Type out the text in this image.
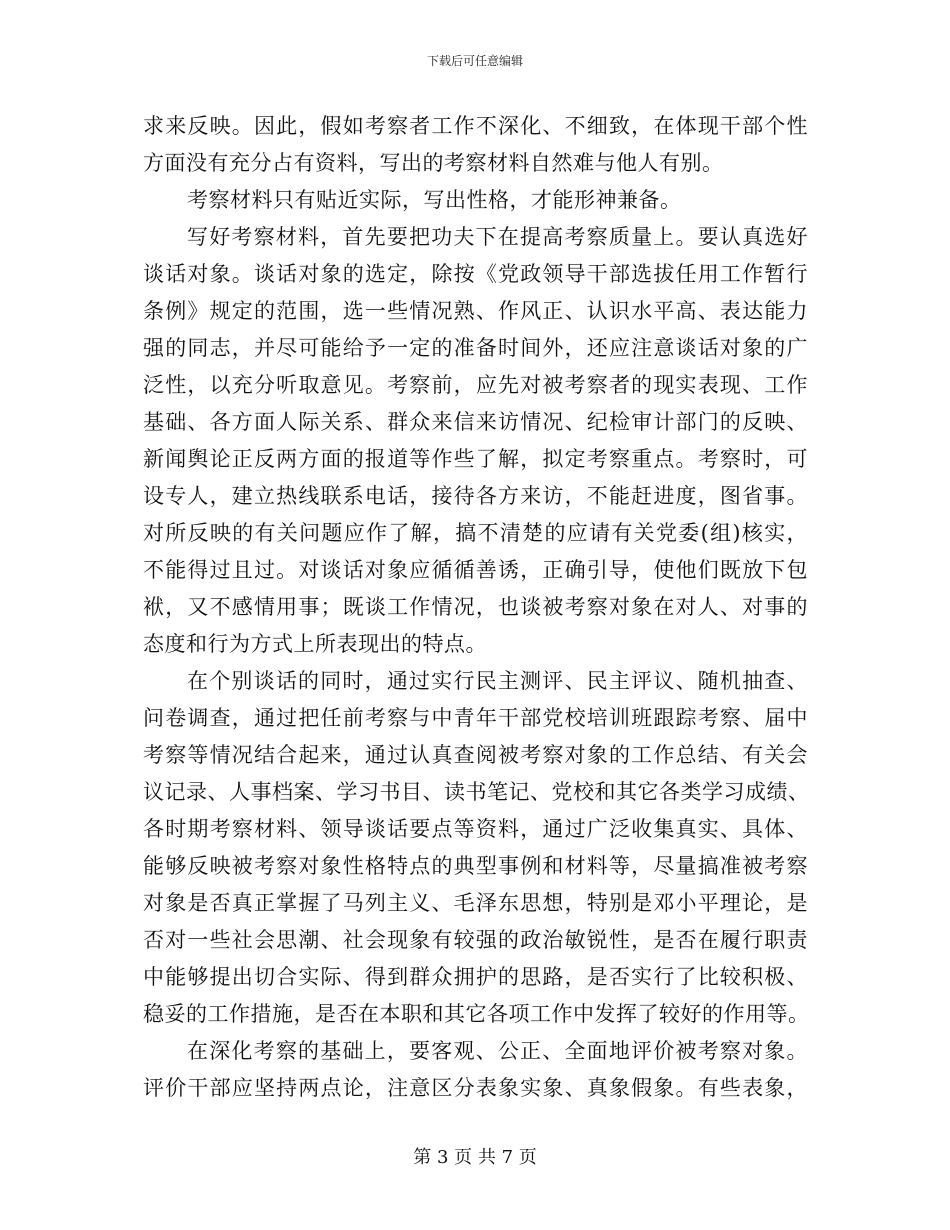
下载后可任意编辑
求来反映。因此，假如考察者工作不深化、不细致，在体现干部个性
方面没有充分占有资料，写出的考察材料自然难与他人有别。
考察材料只有贴近实际，写出性格，才能形神兼备。
写好考察材料，首先要把功夫下在提高考察质量上。要认真选好
谈话对象。谈话对象的选定，除按《党政领导干部选拔任用工作暂行
条例》规定的范围，选一些情况熟、作风正、认识水平高、表达能力
强的同志，并尽可能给予一定的准备时间外，还应注意谈话对象的广
泛性，以充分听取意见。考察前，应先对被考察者的现实表现、工作
基础、各方面人际关系、群众来信来访情况、纪检审计部门的反映、
新闻舆论正反两方面的报道等作些了解，拟定考察重点。考察时，可
设专人，建立热线联系电话，接待各方来访，不能赶进度，图省事。
对所反映的有关问题应作了解，搞不清楚的应请有关党委(组)核实，
不能得过且过。对谈话对象应循循善诱，正确引导，使他们既放下包
袱，又不感情用事；既谈工作情况，也谈被考察对象在对人、对事的
态度和行为方式上所表现出的特点。
在个别谈话的同时，通过实行民主测评、民主评议、随机抽查、
问卷调查，通过把任前考察与中青年干部党校培训班跟踪考察、届中
考察等情况结合起来，通过认真查阅被考察对象的工作总结、有关会
议记录、人事档案、学习书目、读书笔记、党校和其它各类学习成绩、
各时期考察材料、领导谈话要点等资料，通过广泛收集真实、具体、
能够反映被考察对象性格特点的典型事例和材料等，尽量搞准被考察
对象是否真正掌握了马列主义、毛泽东思想，特别是邓小平理论，是
否对一些社会思潮、社会现象有较强的政治敏锐性，是否在履行职责
中能够提出切合实际、得到群众拥护的思路，是否实行了比较积极、
稳妥的工作措施，是否在本职和其它各项工作中发挥了较好的作用等。
在深化考察的基础上，要客观、公正、全面地评价被考察对象。
评价干部应坚持两点论，注意区分表象实象、真象假象。有些表象，
第 3 页 共 7 页
